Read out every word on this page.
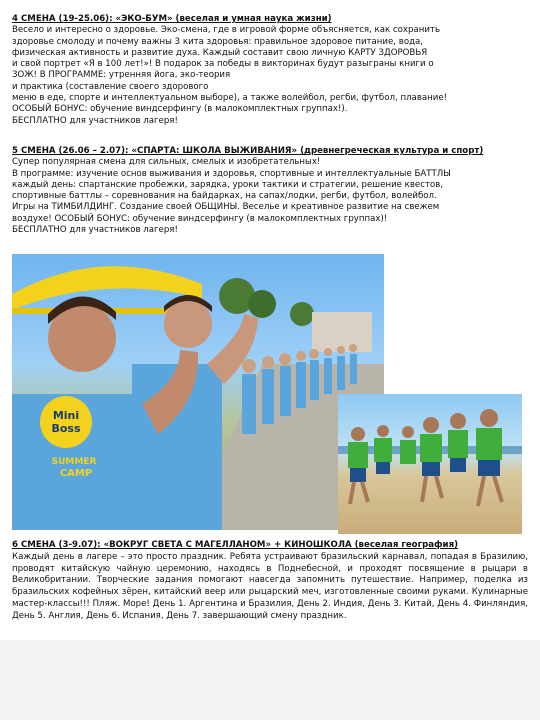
4 СМЕНА (19-25.06): «ЭКО-БУМ» (веселая и умная наука жизни)

Весело и интересно о здоровье. Эко-смена, где в игровой форме объясняется, как сохранить

здоровье смолоду и почему важны 3 кита здоровья: правильное здоровое питание, вода,

физическая активность и развитие духа. Каждый составит свою личную КАРТУ ЗДОРОВЬЯ

и свой портрет «Я в 100 лет!»! В подарок за победы в викторинах будут разыграны книги о

ЗОЖ! В ПРОГРАММЕ: утренняя йога, эко-теория

и практика (составление своего здорового

меню в еде, спорте и интеллектуальном выборе), а также волейбол, регби, футбол, плавание!

ОСОБЫЙ БОНУС: обучение виндсерфингу (в малокомплектных группах!).

БЕСПЛАТНО для участников лагеря!

5 СМЕНА (26.06 – 2.07): «СПАРТА: ШКОЛА ВЫЖИВАНИЯ» (древнегреческая культура и спорт)

Супер популярная смена для сильных, смелых и изобретательных!

В программе: изучение основ выживания и здоровья, спортивные и интеллектуальные БАТТЛЫ

каждый день: спартанские пробежки, зарядка, уроки тактики и стратегии, решение квестов,

спортивные баттлы – соревнования на байдарках, на сапах/лодки, регби, футбол, волейбол.

Игры на ТИМБИЛДИНГ. Создание своей ОБЩИНЫ. Веселье и креативное развитие на свежем

воздухе! ОСОБЫЙ БОНУС: обучение виндсерфингу (в малокомплектных группах)!

БЕСПЛАТНО для участников лагеря!

Mini
Boss
SUMMER
CAMP

6 СМЕНА (3-9.07): «ВОКРУГ СВЕТА С МАГЕЛЛАНОМ» + КИНОШКОЛА (веселая география)

Каждый день в лагере – это просто праздник. Ребята устраивают бразильский карнавал, попадая в Бразилию, проводят китайскую чайную церемонию, находясь в Поднебесной, и проходят посвящение в рыцари в Великобритании. Творческие задания помогают навсегда запомнить путешествие. Например, поделка из бразильских кофейных зёрен, китайский веер или рыцарский меч, изготовленные своими руками. Кулинарные мастер-классы!!! Пляж. Море! День 1. Аргентина и Бразилия, День 2. Индия, День 3. Китай, День 4. Финляндия, День 5. Англия, День 6. Испания, День 7. завершающий смену праздник.
